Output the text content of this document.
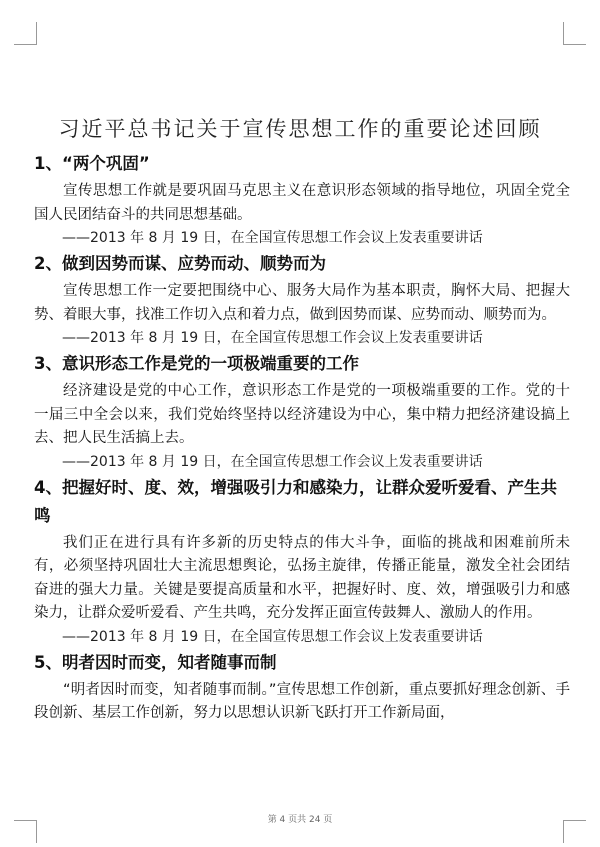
习近平总书记关于宣传思想工作的重要论述回顾

1、“两个巩固”

宣传思想工作就是要巩固马克思主义在意识形态领域的指导地位，巩固全党全国人民团结奋斗的共同思想基础。

——2013 年 8 月 19 日，在全国宣传思想工作会议上发表重要讲话

2、做到因势而谋、应势而动、顺势而为

宣传思想工作一定要把围绕中心、服务大局作为基本职责，胸怀大局、把握大势、着眼大事，找准工作切入点和着力点，做到因势而谋、应势而动、顺势而为。

——2013 年 8 月 19 日，在全国宣传思想工作会议上发表重要讲话

3、意识形态工作是党的一项极端重要的工作

经济建设是党的中心工作，意识形态工作是党的一项极端重要的工作。党的十一届三中全会以来，我们党始终坚持以经济建设为中心，集中精力把经济建设搞上去、把人民生活搞上去。

——2013 年 8 月 19 日，在全国宣传思想工作会议上发表重要讲话

4、把握好时、度、效，增强吸引力和感染力，让群众爱听爱看、产生共鸣

我们正在进行具有许多新的历史特点的伟大斗争，面临的挑战和困难前所未有，必须坚持巩固壮大主流思想舆论，弘扬主旋律，传播正能量，激发全社会团结奋进的强大力量。关键是要提高质量和水平，把握好时、度、效，增强吸引力和感染力，让群众爱听爱看、产生共鸣，充分发挥正面宣传鼓舞人、激励人的作用。

——2013 年 8 月 19 日，在全国宣传思想工作会议上发表重要讲话

5、明者因时而变，知者随事而制

“明者因时而变，知者随事而制。”宣传思想工作创新，重点要抓好理念创新、手段创新、基层工作创新，努力以思想认识新飞跃打开工作新局面，

第 4 页共 24 页
